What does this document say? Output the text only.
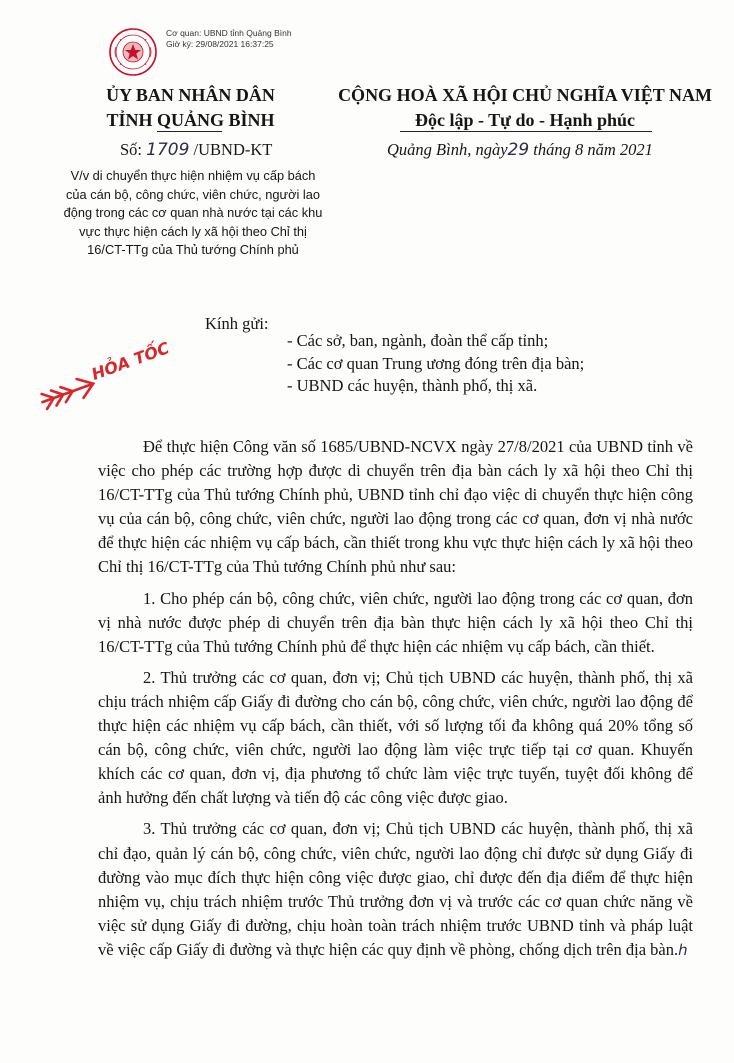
Cơ quan: UBND tỉnh Quảng Bình
Giờ ký: 29/08/2021 16:37:25
ỦY BAN NHÂN DÂN
TỈNH QUẢNG BÌNH
CỘNG HOÀ XÃ HỘI CHỦ NGHĨA VIỆT NAM
Độc lập - Tự do - Hạnh phúc
Số: 1709 /UBND-KT	Quảng Bình, ngày29 tháng 8 năm 2021
V/v di chuyển thực hiện nhiệm vụ cấp bách của cán bộ, công chức, viên chức, người lao động trong các cơ quan nhà nước tại các khu vực thực hiện cách ly xã hội theo Chỉ thị 16/CT-TTg của Thủ tướng Chính phủ
HỎA TỐC
Kính gửi:
- Các sở, ban, ngành, đoàn thể cấp tỉnh;
- Các cơ quan Trung ương đóng trên địa bàn;
- UBND các huyện, thành phố, thị xã.

Để thực hiện Công văn số 1685/UBND-NCVX ngày 27/8/2021 của UBND tỉnh về việc cho phép các trường hợp được di chuyển trên địa bàn cách ly xã hội theo Chỉ thị 16/CT-TTg của Thủ tướng Chính phủ, UBND tỉnh chỉ đạo việc di chuyển thực hiện công vụ của cán bộ, công chức, viên chức, người lao động trong các cơ quan, đơn vị nhà nước để thực hiện các nhiệm vụ cấp bách, cần thiết trong khu vực thực hiện cách ly xã hội theo Chỉ thị 16/CT-TTg của Thủ tướng Chính phủ như sau:

1. Cho phép cán bộ, công chức, viên chức, người lao động trong các cơ quan, đơn vị nhà nước được phép di chuyển trên địa bàn thực hiện cách ly xã hội theo Chỉ thị 16/CT-TTg của Thủ tướng Chính phủ để thực hiện các nhiệm vụ cấp bách, cần thiết.

2. Thủ trưởng các cơ quan, đơn vị; Chủ tịch UBND các huyện, thành phố, thị xã chịu trách nhiệm cấp Giấy đi đường cho cán bộ, công chức, viên chức, người lao động để thực hiện các nhiệm vụ cấp bách, cần thiết, với số lượng tối đa không quá 20% tổng số cán bộ, công chức, viên chức, người lao động làm việc trực tiếp tại cơ quan. Khuyến khích các cơ quan, đơn vị, địa phương tổ chức làm việc trực tuyến, tuyệt đối không để ảnh hưởng đến chất lượng và tiến độ các công việc được giao.

3. Thủ trưởng các cơ quan, đơn vị; Chủ tịch UBND các huyện, thành phố, thị xã chỉ đạo, quản lý cán bộ, công chức, viên chức, người lao động chỉ được sử dụng Giấy đi đường vào mục đích thực hiện công việc được giao, chỉ được đến địa điểm để thực hiện nhiệm vụ, chịu trách nhiệm trước Thủ trưởng đơn vị và trước các cơ quan chức năng về việc sử dụng Giấy đi đường, chịu hoàn toàn trách nhiệm trước UBND tỉnh và pháp luật về việc cấp Giấy đi đường và thực hiện các quy định về phòng, chống dịch trên địa bàn.ℎ
